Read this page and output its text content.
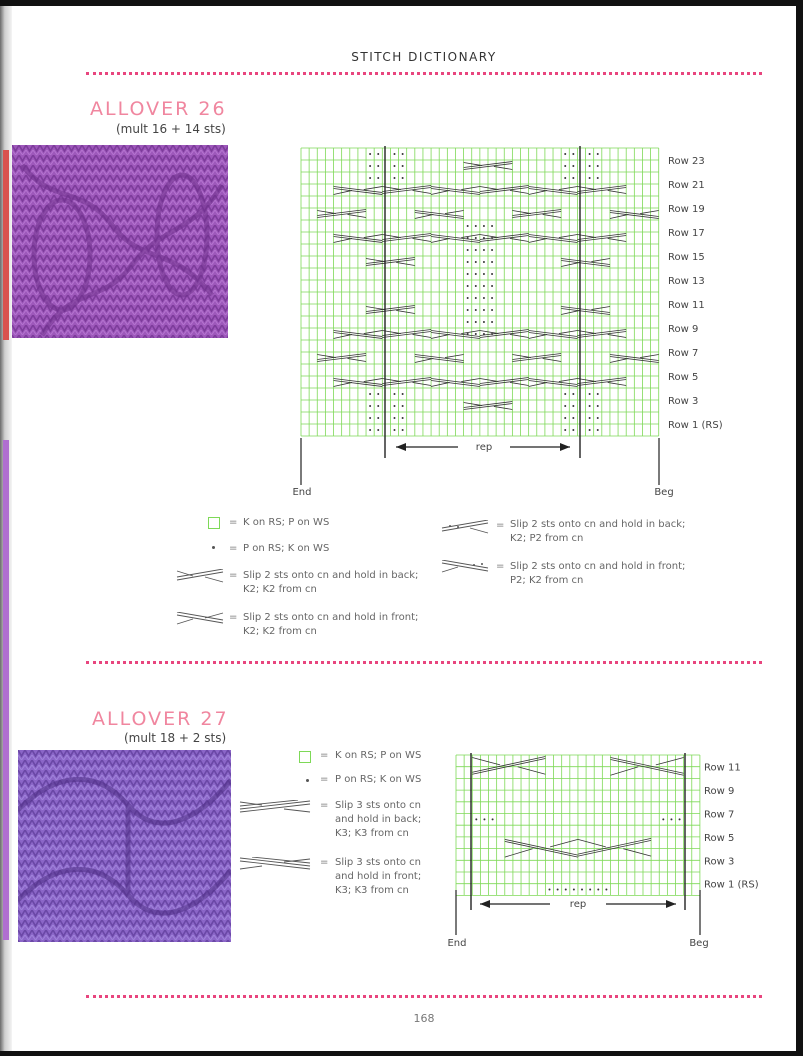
STITCH DICTIONARY
ALLOVER 26
(mult 16 + 14 sts)
Row 23
Row 21
Row 19
Row 17
Row 15
Row 13
Row 11
Row 9
Row 7
Row 5
Row 3
Row 1 (RS)
rep
End	Beg
= K on RS; P on WS
= P on RS; K on WS
= Slip 2 sts onto cn and hold in back; K2; K2 from cn
= Slip 2 sts onto cn and hold in front; K2; K2 from cn
= Slip 2 sts onto cn and hold in back; K2; P2 from cn
= Slip 2 sts onto cn and hold in front; P2; K2 from cn
ALLOVER 27
(mult 18 + 2 sts)
= K on RS; P on WS
= P on RS; K on WS
= Slip 3 sts onto cn and hold in back; K3; K3 from cn
= Slip 3 sts onto cn and hold in front; K3; K3 from cn
Row 11
Row 9
Row 7
Row 5
Row 3
Row 1 (RS)
rep
End	Beg
168
